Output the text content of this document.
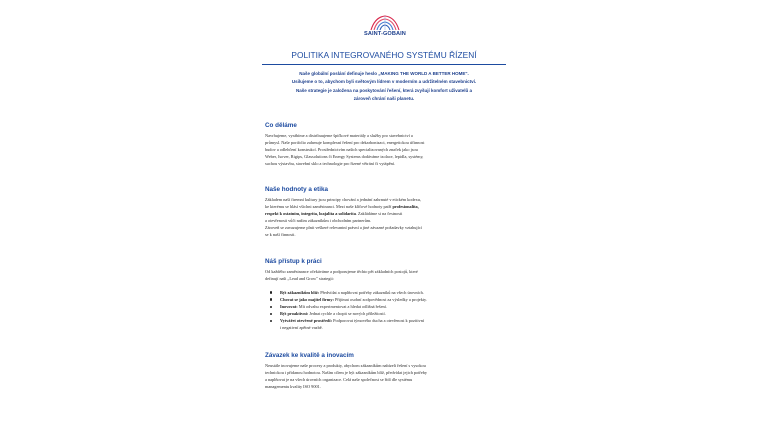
SAINT-GOBAIN
POLITIKA INTEGROVANÉHO SYSTÉMU ŘÍZENÍ
Naše globální poslání definuje heslo „MAKING THE WORLD A BETTER HOME".
Usilujeme o to, abychom byli světovým lídrem v moderním a udržitelném stavebnictví.
Naše strategie je založena na poskytování řešení, která zvyšují komfort uživatelů a
zároveň chrání naši planetu.
Co děláme
Navrhujeme, vyrábíme a distribuujeme špičkové materiály a služby pro stavebnictví a
průmysl. Naše portfolio zahrnuje komplexní řešení pro dekarbonizaci, energetickou účinnost
budov a odlehčení konstrukcí. Prostřednictvím našich specializovaných značek jako jsou
Weber, Isover, Rigips, Glassolutions či Energy Systems dodáváme izolace, lepidla, systémy,
suchou výstavbu, stavební sklo a technologie pro řízené větrání či vytápění.
Naše hodnoty a etika
Základem naší firemní kultury jsou principy chování a jednání zahrnuté v etickém kodexu,
ke kterému se hlásí všichni zaměstnanci. Mezi naše klíčové hodnoty patří profesionalita,
respekt k ostatním, integrita, loajalita a solidarita. Zakládáme si na čestnosti
a otevřenosti vůči našim zákazníkům i obchodním partnerům.
Zároveň se zavazujeme plnit veškeré relevantní právní a jiné závazné požadavky vztahující
se k naší činnosti.
Náš přístup k práci
Od každého zaměstnance očekáváme a podporujeme těchto pět základních postojů, které
definují naši „Lead and Grow" strategii:
Být zákazníkům blíž: Předvídat a naplňovat potřeby zákazníků na všech úrovních.
Chovat se jako majitel firmy: Přijímat osobní zodpovědnost za výsledky a projekty.
Inovovat: Mít odvahu experimentovat a hledat odlišná řešení.
Být proaktivní: Jednat rychle a chopit se nových příležitostí.
Vytvářet otevřené prostředí: Podporovat týmového ducha a otevřenost k pozitivní
i negativní zpětné vazbě.
Závazek ke kvalitě a inovacím
Neustále inovujeme naše procesy a produkty, abychom zákazníkům nabízeli řešení s vysokou
technickou i přidanou hodnotou. Naším cílem je být zákazníkům blíž, předvídat jejich potřeby
a naplňovat je na všech úrovních organizace. Celá naše společnost se řídí dle systému
managementu kvality ISO 9001.
